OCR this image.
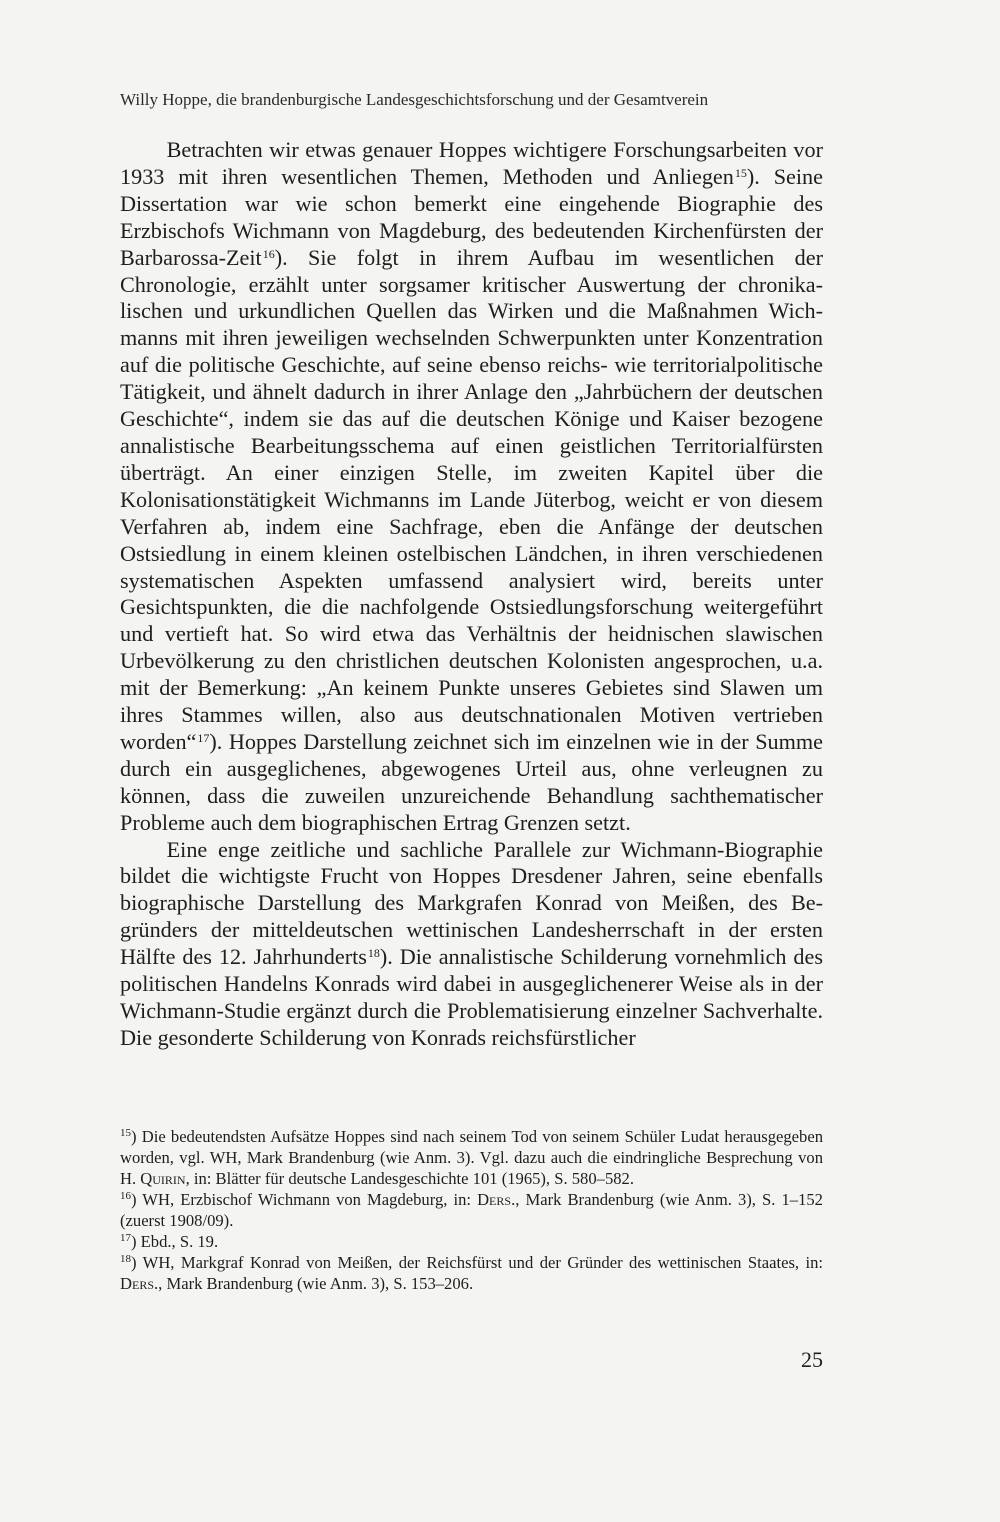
Willy Hoppe, die brandenburgische Landesgeschichtsforschung und der Gesamtverein

Betrachten wir etwas genauer Hoppes wichtigere Forschungsarbeiten vor 1933 mit ihren wesentlichen Themen, Methoden und Anliegen$^{15}$). Seine Dissertation war wie schon bemerkt eine eingehende Biographie des Erzbischofs Wichmann von Magdeburg, des bedeutenden Kirchenfürsten der Barbarossa-Zeit$^{16}$). Sie folgt in ihrem Aufbau im wesentlichen der Chronologie, erzählt unter sorgsamer kritischer Auswertung der chronikalischen und urkundlichen Quellen das Wirken und die Maßnahmen Wichmanns mit ihren jeweiligen wechselnden Schwerpunkten unter Konzentration auf die politische Geschichte, auf seine ebenso reichs- wie territorialpolitische Tätigkeit, und ähnelt dadurch in ihrer Anlage den „Jahrbüchern der deutschen Geschichte“, indem sie das auf die deutschen Könige und Kaiser bezogene annalistische Bearbeitungsschema auf einen geistlichen Territorialfürsten überträgt. An einer einzigen Stelle, im zweiten Kapitel über die Kolonisationstätigkeit Wichmanns im Lande Jüterbog, weicht er von diesem Verfahren ab, indem eine Sachfrage, eben die Anfänge der deutschen Ostsiedlung in einem kleinen ostelbischen Ländchen, in ihren verschiedenen systematischen Aspekten umfassend analysiert wird, bereits unter Gesichtspunkten, die die nachfolgende Ostsiedlungsforschung weitergeführt und vertieft hat. So wird etwa das Verhältnis der heidnischen slawischen Urbevölkerung zu den christlichen deutschen Kolonisten angesprochen, u.a. mit der Bemerkung: „An keinem Punkte unseres Gebietes sind Slawen um ihres Stammes willen, also aus deutschnationalen Motiven vertrieben worden“$^{17}$). Hoppes Darstellung zeichnet sich im einzelnen wie in der Summe durch ein ausgeglichenes, abgewogenes Urteil aus, ohne verleugnen zu können, dass die zuweilen unzureichende Behandlung sachthematischer Probleme auch dem biographischen Ertrag Grenzen setzt.

Eine enge zeitliche und sachliche Parallele zur Wichmann-Biographie bildet die wichtigste Frucht von Hoppes Dresdener Jahren, seine ebenfalls biographische Darstellung des Markgrafen Konrad von Meißen, des Begründers der mitteldeutschen wettinischen Landesherrschaft in der ersten Hälfte des 12. Jahrhunderts$^{18}$). Die annalistische Schilderung vornehmlich des politischen Handelns Konrads wird dabei in ausgeglichenerer Weise als in der Wichmann-Studie ergänzt durch die Problematisierung einzelner Sachverhalte. Die gesonderte Schilderung von Konrads reichsfürstlicher

$^{15}$) Die bedeutendsten Aufsätze Hoppes sind nach seinem Tod von seinem Schüler Ludat herausgegeben worden, vgl. WH, Mark Brandenburg (wie Anm. 3). Vgl. dazu auch die eindringliche Besprechung von H. Quirin, in: Blätter für deutsche Landesgeschichte 101 (1965), S. 580–582.

$^{16}$) WH, Erzbischof Wichmann von Magdeburg, in: Ders., Mark Brandenburg (wie Anm. 3), S. 1–152 (zuerst 1908/09).

$^{17}$) Ebd., S. 19.

$^{18}$) WH, Markgraf Konrad von Meißen, der Reichsfürst und der Gründer des wettinischen Staates, in: Ders., Mark Brandenburg (wie Anm. 3), S. 153–206.

25
